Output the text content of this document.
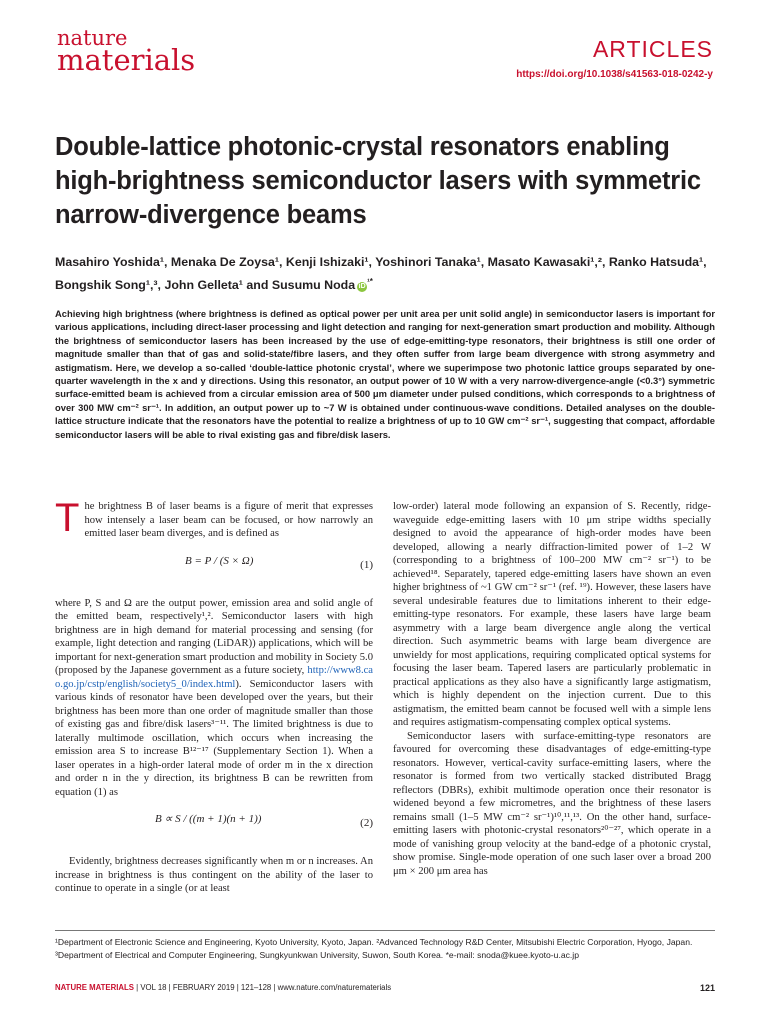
nature
materials	ARTICLES
https://doi.org/10.1038/s41563-018-0242-y
Double-lattice photonic-crystal resonators enabling high-brightness semiconductor lasers with symmetric narrow-divergence beams
Masahiro Yoshida¹, Menaka De Zoysa¹, Kenji Ishizaki¹, Yoshinori Tanaka¹, Masato Kawasaki¹,², Ranko Hatsuda¹, Bongshik Song¹,³, John Gelleta¹ and Susumu Noda $iD^{^1*}$

Achieving high brightness (where brightness is defined as optical power per unit area per unit solid angle) in semiconductor lasers is important for various applications, including direct-laser processing and light detection and ranging for next-generation smart production and mobility. Although the brightness of semiconductor lasers has been increased by the use of edge-emitting-type resonators, their brightness is still one order of magnitude smaller than that of gas and solid-state/fibre lasers, and they often suffer from large beam divergence with strong asymmetry and astigmatism. Here, we develop a so-called ‘double-lattice photonic crystal’, where we superimpose two photonic lattice groups separated by one-quarter wavelength in the x and y directions. Using this resonator, an output power of 10 W with a very narrow-divergence-angle (<0.3°) symmetric surface-emitted beam is achieved from a circular emission area of 500 μm diameter under pulsed conditions, which corresponds to a brightness of over 300 MW cm⁻² sr⁻¹. In addition, an output power up to ~7 W is obtained under continuous-wave conditions. Detailed analyses on the double-lattice structure indicate that the resonators have the potential to realize a brightness of up to 10 GW cm⁻² sr⁻¹, suggesting that compact, affordable semiconductor lasers will be able to rival existing gas and fibre/disk lasers.

The brightness B of laser beams is a figure of merit that expresses how intensely a laser beam can be focused, or how narrowly an emitted laser beam diverges, and is defined as

B = P / (S × Ω)	(1)

where P, S and Ω are the output power, emission area and solid angle of the emitted beam, respectively¹,². Semiconductor lasers with high brightness are in high demand for material processing and sensing (for example, light detection and ranging (LiDAR)) applications, which will be important for next-generation smart production and mobility in Society 5.0 (proposed by the Japanese government as a future society, http://www8.cao.go.jp/cstp/english/society5_0/index.html). Semiconductor lasers with various kinds of resonator have been developed over the years, but their brightness has been more than one order of magnitude smaller than those of existing gas and fibre/disk lasers³⁻¹¹. The limited brightness is due to laterally multimode oscillation, which occurs when increasing the emission area S to increase B¹²⁻¹⁷ (Supplementary Section 1). When a laser operates in a high-order lateral mode of order m in the x direction and order n in the y direction, its brightness B can be rewritten from equation (1) as

B ∝ S / ((m + 1)(n + 1))	(2)

Evidently, brightness decreases significantly when m or n increases. An increase in brightness is thus contingent on the ability of the laser to continue to operate in a single (or at least

low-order) lateral mode following an expansion of S. Recently, ridge-waveguide edge-emitting lasers with 10 μm stripe widths specially designed to avoid the appearance of high-order modes have been developed, allowing a nearly diffraction-limited power of 1–2 W (corresponding to a brightness of 100–200 MW cm⁻² sr⁻¹) to be achieved¹⁸. Separately, tapered edge-emitting lasers have shown an even higher brightness of ~1 GW cm⁻² sr⁻¹ (ref. ¹⁹). However, these lasers have several undesirable features due to limitations inherent to their edge-emitting-type resonators. For example, these lasers have large beam asymmetry with a large beam divergence angle along the vertical direction. Such asymmetric beams with large beam divergence are unwieldy for most applications, requiring complicated optical systems for focusing the laser beam. Tapered lasers are particularly problematic in practical applications as they also have a significantly large astigmatism, which is highly dependent on the injection current. Due to this astigmatism, the emitted beam cannot be focused well with a simple lens and requires astigmatism-compensating complex optical systems.

Semiconductor lasers with surface-emitting-type resonators are favoured for overcoming these disadvantages of edge-emitting-type resonators. However, vertical-cavity surface-emitting lasers, where the resonator is formed from two vertically stacked distributed Bragg reflectors (DBRs), exhibit multimode operation once their resonator is widened beyond a few micrometres, and the brightness of these lasers remains small (1–5 MW cm⁻² sr⁻¹)¹⁰,¹¹,¹³. On the other hand, surface-emitting lasers with photonic-crystal resonators²⁰⁻²⁷, which operate in a mode of vanishing group velocity at the band-edge of a photonic crystal, show promise. Single-mode operation of one such laser over a broad 200 μm × 200 μm area has

¹Department of Electronic Science and Engineering, Kyoto University, Kyoto, Japan. ²Advanced Technology R&D Center, Mitsubishi Electric Corporation, Hyogo, Japan. ³Department of Electrical and Computer Engineering, Sungkyunkwan University, Suwon, South Korea. *e-mail: snoda@kuee.kyoto-u.ac.jp
NATURE MATERIALS | VOL 18 | FEBRUARY 2019 | 121–128 | www.nature.com/naturematerials	121
